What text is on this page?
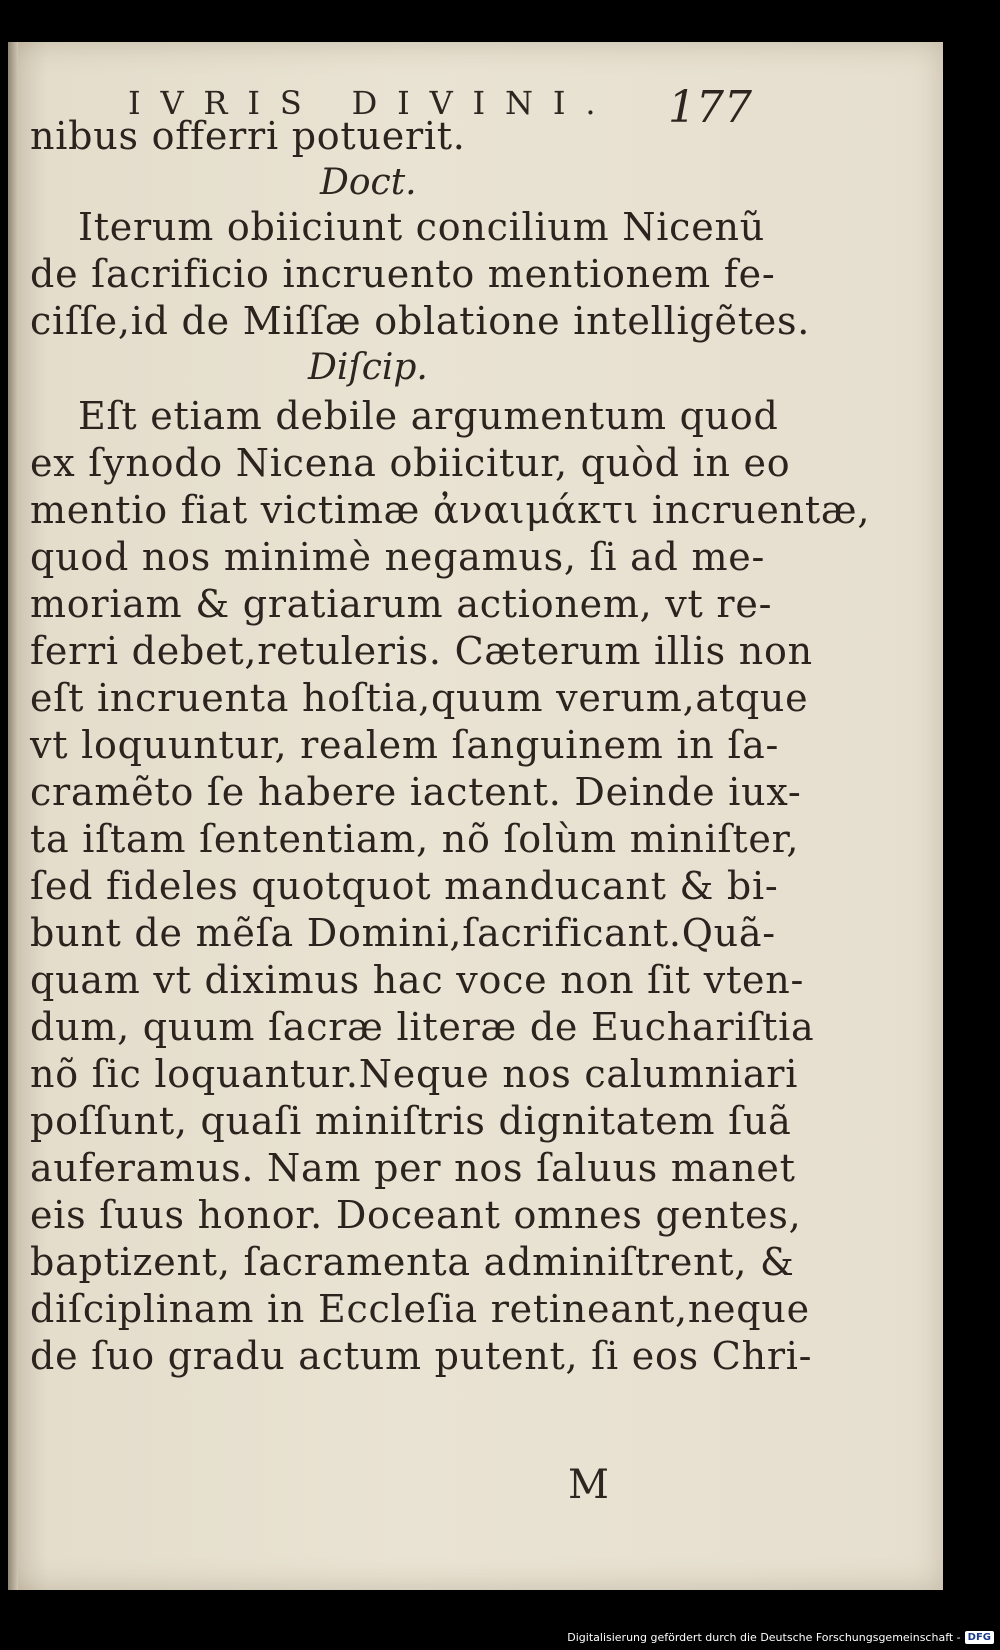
IVRIS DIVINI.	177
nibus offerri potuerit.
Doct.
Iterum obiiciunt concilium Nicenũ
de ſacrificio incruento mentionem fe-
ciſſe,id de Miſſæ oblatione intelligẽtes.
Diſcip.
Eſt etiam debile argumentum quod
ex ſynodo Nicena obiicitur, quòd in eo
mentio fiat victimæ ἀναιμάκτι incruentæ,
quod nos minimè negamus, ſi ad me-
moriam & gratiarum actionem, vt re-
ferri debet,retuleris. Cæterum illis non
eſt incruenta hoſtia,quum verum,atque
vt loquuntur, realem ſanguinem in ſa-
cramẽto ſe habere iactent. Deinde iux-
ta iſtam ſententiam, nõ ſolùm miniſter,
ſed fideles quotquot manducant & bi-
bunt de mẽſa Domini,ſacrificant.Quã-
quam vt diximus hac voce non ſit vten-
dum, quum ſacræ literæ de Euchariſtia
nõ ſic loquantur.Neque nos calumniari
poſſunt, quaſi miniſtris dignitatem ſuã
auferamus. Nam per nos ſaluus manet
eis ſuus honor. Doceant omnes gentes,
baptizent, ſacramenta adminiſtrent, &
diſciplinam in Eccleſia retineant,neque
de ſuo gradu actum putent, ſi eos Chri-
M
Digitalisierung gefördert durch die Deutsche Forschungsgemeinschaft - DFG
